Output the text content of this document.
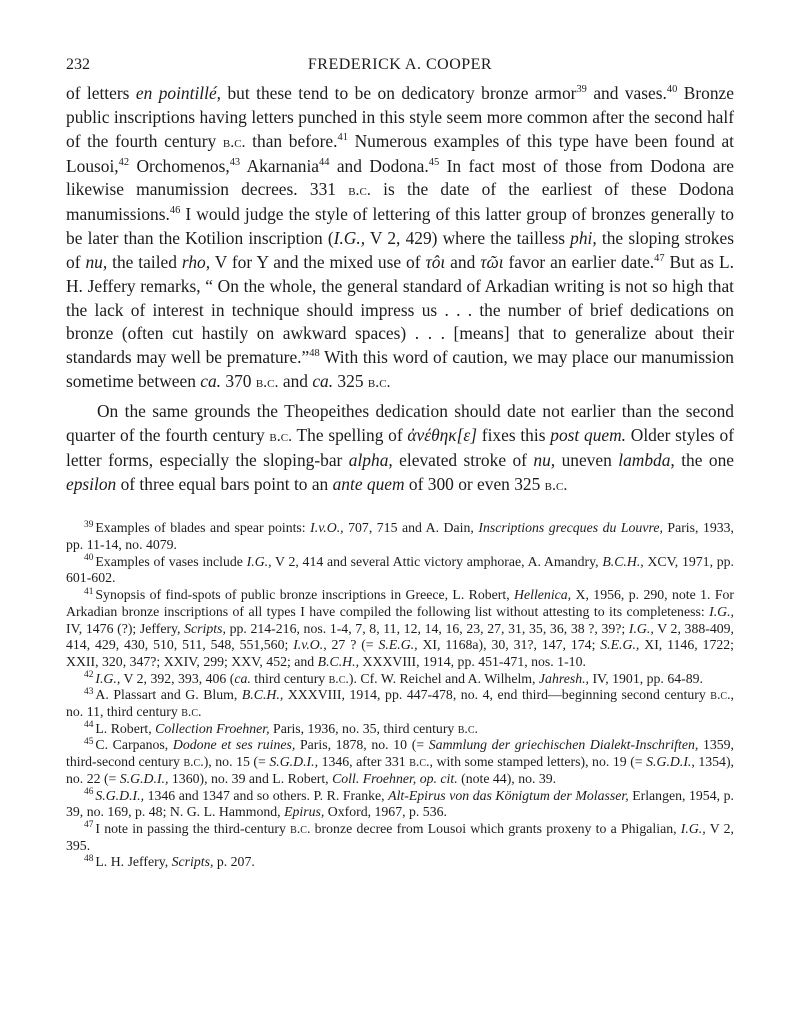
232	FREDERICK A. COOPER

of letters en pointillé, but these tend to be on dedicatory bronze armor$^{39}$ and vases.$^{40}$ Bronze public inscriptions having letters punched in this style seem more common after the second half of the fourth century b.c. than before.$^{41}$ Numerous examples of this type have been found at Lousoi,$^{42}$ Orchomenos,$^{43}$ Akarnania$^{44}$ and Dodona.$^{45}$ In fact most of those from Dodona are likewise manumission decrees. 331 b.c. is the date of the earliest of these Dodona manumissions.$^{46}$ I would judge the style of lettering of this latter group of bronzes generally to be later than the Kotilion inscription (I.G., V 2, 429) where the tailless phi, the sloping strokes of nu, the tailed rho, V for Y and the mixed use of τôι and τῶι favor an earlier date.$^{47}$ But as L. H. Jeffery remarks, “ On the whole, the general standard of Arkadian writing is not so high that the lack of interest in technique should impress us . . . the number of brief dedications on bronze (often cut hastily on awkward spaces) . . . [means] that to generalize about their standards may well be premature.”$^{48}$ With this word of caution, we may place our manumission sometime between ca. 370 b.c. and ca. 325 b.c.

On the same grounds the Theopeithes dedication should date not earlier than the second quarter of the fourth century b.c. The spelling of ἀνέθηκ[ε] fixes this post quem. Older styles of letter forms, especially the sloping-bar alpha, elevated stroke of nu, uneven lambda, the one epsilon of three equal bars point to an ante quem of 300 or even 325 b.c.

$^{39}$ Examples of blades and spear points: I.v.O., 707, 715 and A. Dain, Inscriptions grecques du Louvre, Paris, 1933, pp. 11-14, no. 4079.

$^{40}$ Examples of vases include I.G., V 2, 414 and several Attic victory amphorae, A. Amandry, B.C.H., XCV, 1971, pp. 601-602.

$^{41}$ Synopsis of find-spots of public bronze inscriptions in Greece, L. Robert, Hellenica, X, 1956, p. 290, note 1. For Arkadian bronze inscriptions of all types I have compiled the following list without attesting to its completeness: I.G., IV, 1476 (?); Jeffery, Scripts, pp. 214-216, nos. 1-4, 7, 8, 11, 12, 14, 16, 23, 27, 31, 35, 36, 38 ?, 39?; I.G., V 2, 388-409, 414, 429, 430, 510, 511, 548, 551,560; I.v.O., 27 ? (= S.E.G., XI, 1168a), 30, 31?, 147, 174; S.E.G., XI, 1146, 1722; XXII, 320, 347?; XXIV, 299; XXV, 452; and B.C.H., XXXVIII, 1914, pp. 451-471, nos. 1-10.

$^{42}$ I.G., V 2, 392, 393, 406 (ca. third century b.c.). Cf. W. Reichel and A. Wilhelm, Jahresh., IV, 1901, pp. 64-89.

$^{43}$ A. Plassart and G. Blum, B.C.H., XXXVIII, 1914, pp. 447-478, no. 4, end third—beginning second century b.c., no. 11, third century b.c.

$^{44}$ L. Robert, Collection Froehner, Paris, 1936, no. 35, third century b.c.

$^{45}$ C. Carpanos, Dodone et ses ruines, Paris, 1878, no. 10 (= Sammlung der griechischen Dialekt-Inschriften, 1359, third-second century b.c.), no. 15 (= S.G.D.I., 1346, after 331 b.c., with some stamped letters), no. 19 (= S.G.D.I., 1354), no. 22 (= S.G.D.I., 1360), no. 39 and L. Robert, Coll. Froehner, op. cit. (note 44), no. 39.

$^{46}$ S.G.D.I., 1346 and 1347 and so others. P. R. Franke, Alt-Epirus von das Königtum der Molasser, Erlangen, 1954, p. 39, no. 169, p. 48; N. G. L. Hammond, Epirus, Oxford, 1967, p. 536.

$^{47}$ I note in passing the third-century b.c. bronze decree from Lousoi which grants proxeny to a Phigalian, I.G., V 2, 395.

$^{48}$ L. H. Jeffery, Scripts, p. 207.
